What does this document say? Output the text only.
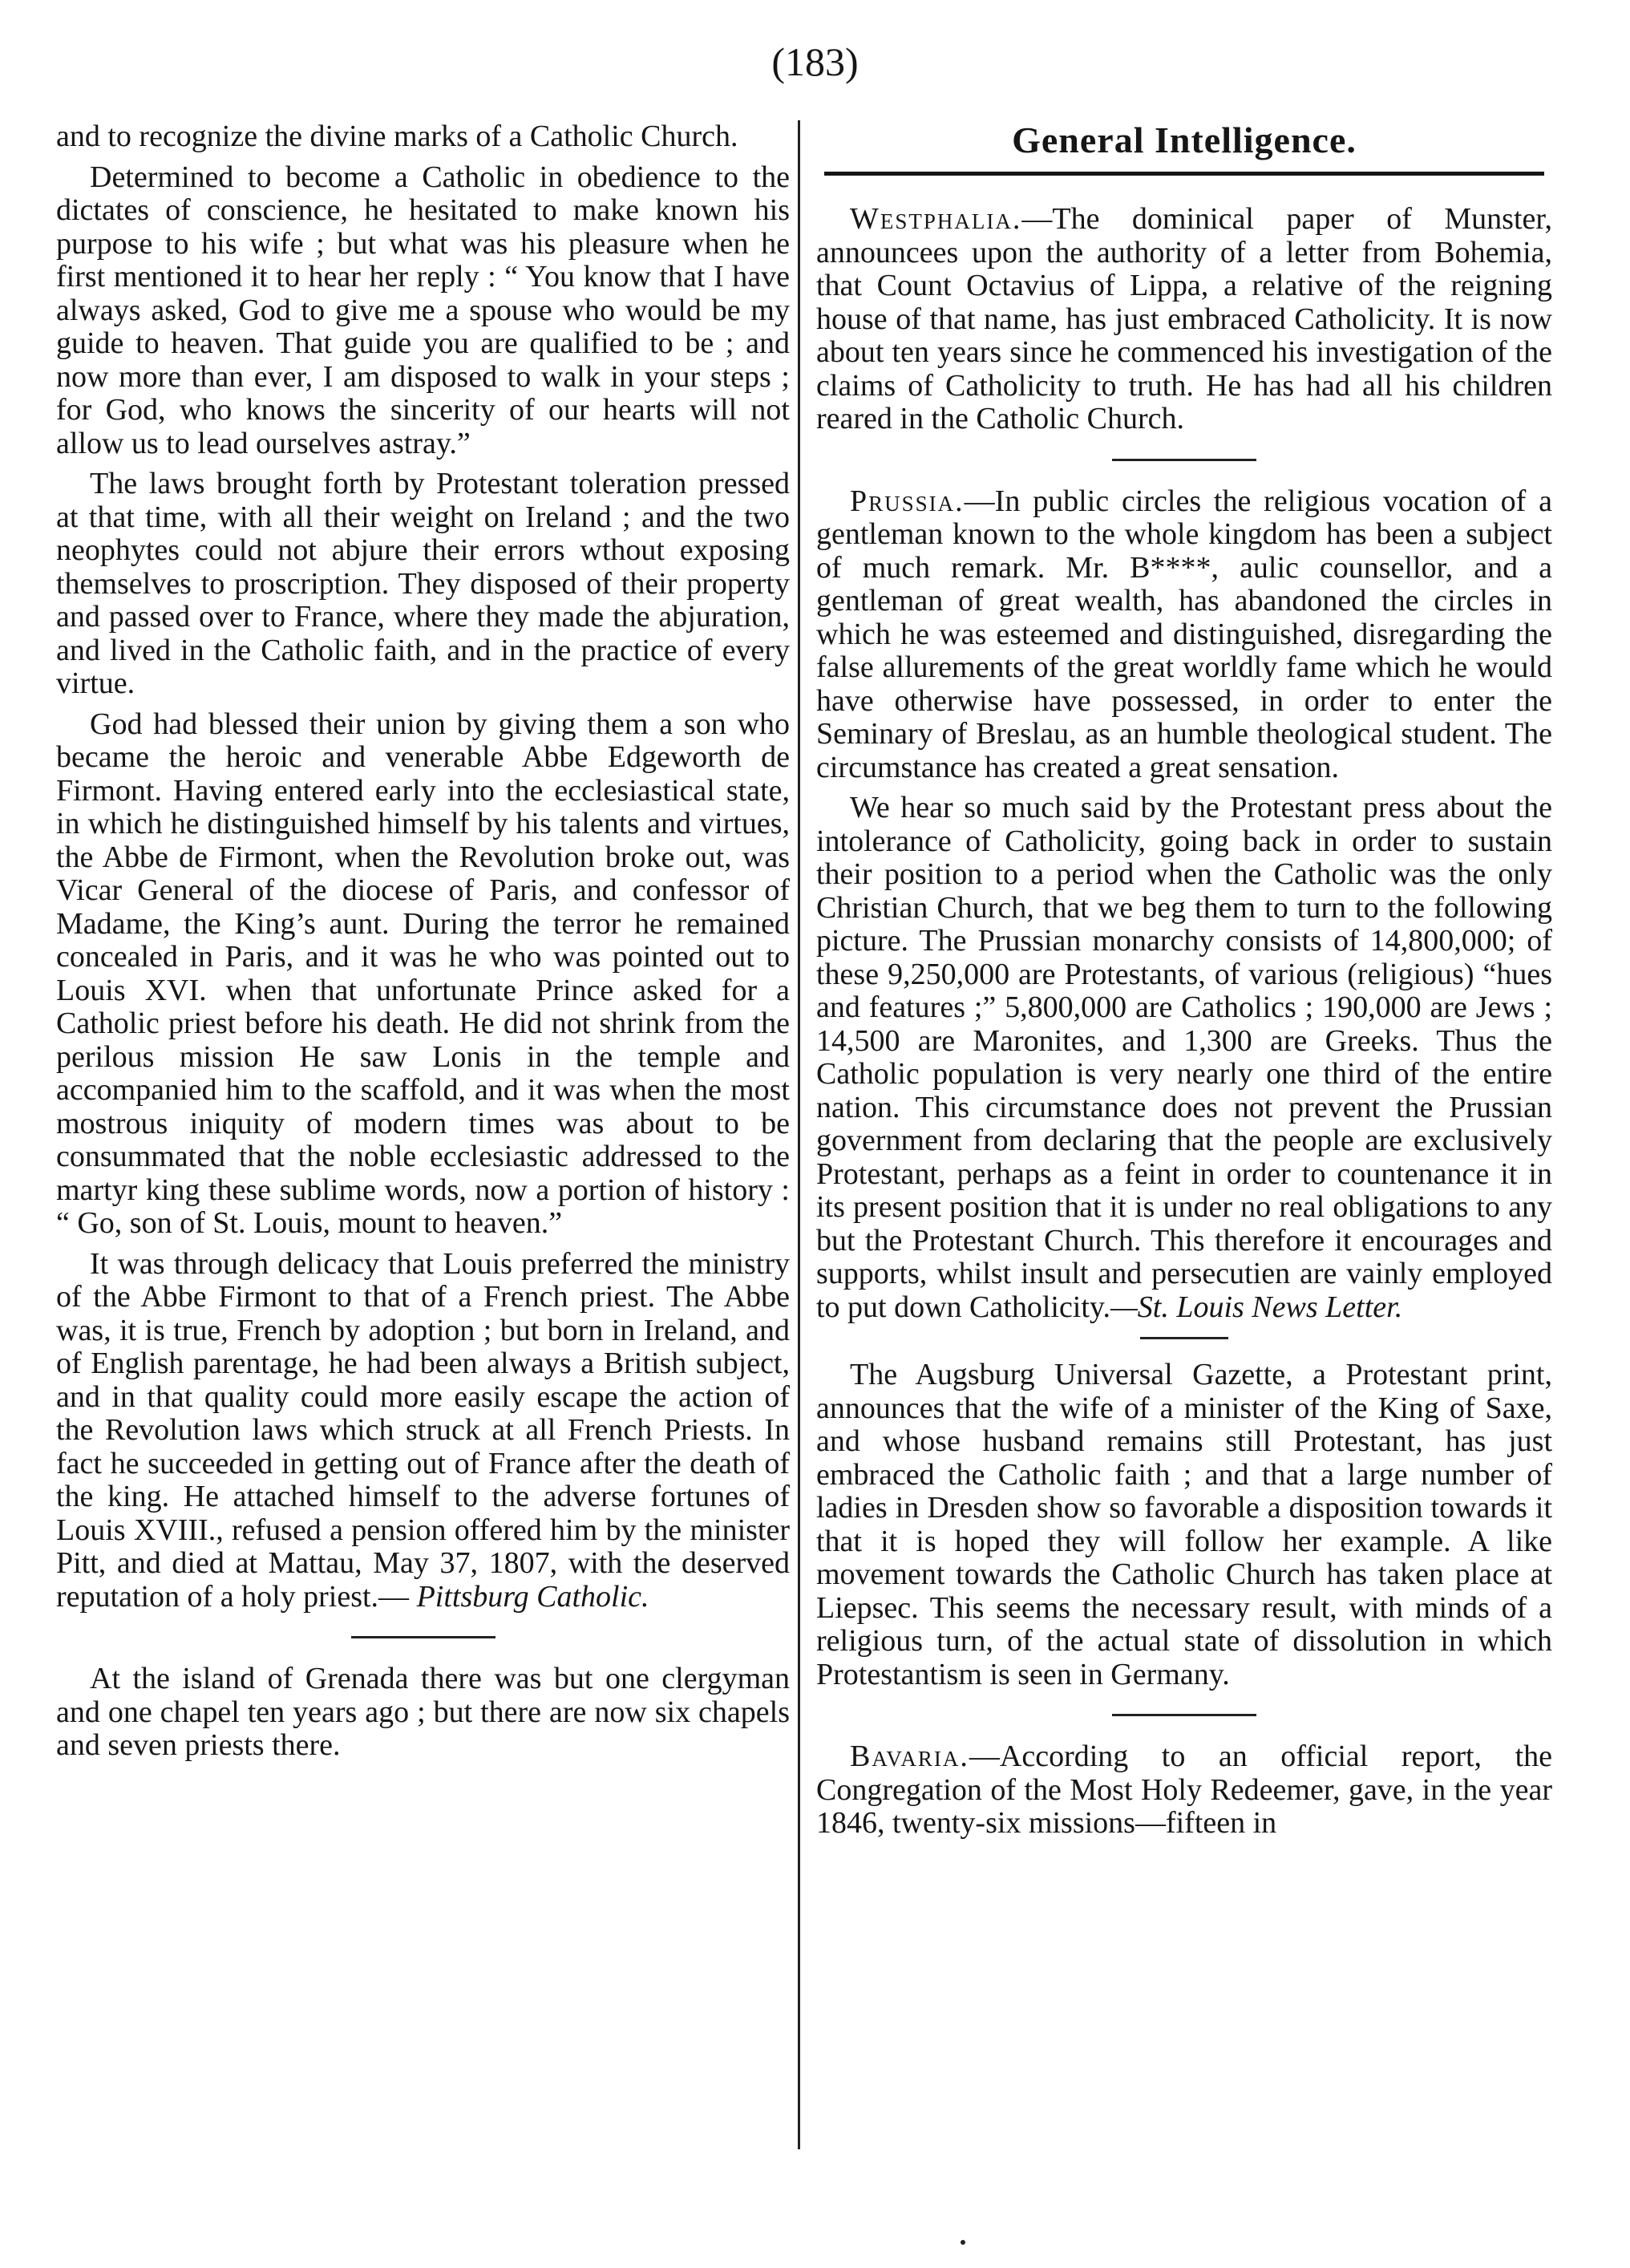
(183)

and to recognize the divine marks of a Catholic Church.

Determined to become a Catholic in obedience to the dictates of conscience, he hesitated to make known his purpose to his wife ; but what was his pleasure when he first mentioned it to hear her reply : “ You know that I have always asked, God to give me a spouse who would be my guide to heaven. That guide you are qualified to be ; and now more than ever, I am disposed to walk in your steps ; for God, who knows the sincerity of our hearts will not allow us to lead ourselves astray.”

The laws brought forth by Protestant toleration pressed at that time, with all their weight on Ireland ; and the two neophytes could not abjure their errors wthout exposing themselves to proscription. They disposed of their property and passed over to France, where they made the abjuration, and lived in the Catholic faith, and in the practice of every virtue.

God had blessed their union by giving them a son who became the heroic and venerable Abbe Edgeworth de Firmont. Having entered early into the ecclesiastical state, in which he distinguished himself by his talents and virtues, the Abbe de Firmont, when the Revolution broke out, was Vicar General of the diocese of Paris, and confessor of Madame, the King’s aunt. During the terror he remained concealed in Paris, and it was he who was pointed out to Louis XVI. when that unfortunate Prince asked for a Catholic priest before his death. He did not shrink from the perilous mission He saw Lonis in the temple and accompanied him to the scaffold, and it was when the most mostrous iniquity of modern times was about to be consummated that the noble ecclesiastic addressed to the martyr king these sublime words, now a portion of history : “ Go, son of St. Louis, mount to heaven.”

It was through delicacy that Louis preferred the ministry of the Abbe Firmont to that of a French priest. The Abbe was, it is true, French by adoption ; but born in Ireland, and of English parentage, he had been always a British subject, and in that quality could more easily escape the action of the Revolution laws which struck at all French Priests. In fact he succeeded in getting out of France after the death of the king. He attached himself to the adverse fortunes of Louis XVIII., refused a pension offered him by the minister Pitt, and died at Mattau, May 37, 1807, with the deserved reputation of a holy priest.— Pittsburg Catholic.

At the island of Grenada there was but one clergyman and one chapel ten years ago ; but there are now six chapels and seven priests there.

General Intelligence.

Westphalia.—The dominical paper of Munster, announcees upon the authority of a letter from Bohemia, that Count Octavius of Lippa, a relative of the reigning house of that name, has just embraced Catholicity. It is now about ten years since he commenced his investigation of the claims of Catholicity to truth. He has had all his children reared in the Catholic Church.

Prussia.—In public circles the religious vocation of a gentleman known to the whole kingdom has been a subject of much remark. Mr. B****, aulic counsellor, and a gentleman of great wealth, has abandoned the circles in which he was esteemed and distinguished, disregarding the false allurements of the great worldly fame which he would have otherwise have possessed, in order to enter the Seminary of Breslau, as an humble theological student. The circumstance has created a great sensation.

We hear so much said by the Protestant press about the intolerance of Catholicity, going back in order to sustain their position to a period when the Catholic was the only Christian Church, that we beg them to turn to the following picture. The Prussian monarchy consists of 14,800,000; of these 9,250,000 are Protestants, of various (religious) “hues and features ;” 5,800,000 are Catholics ; 190,000 are Jews ; 14,500 are Maronites, and 1,300 are Greeks. Thus the Catholic population is very nearly one third of the entire nation. This circumstance does not prevent the Prussian government from declaring that the people are exclusively Protestant, perhaps as a feint in order to countenance it in its present position that it is under no real obligations to any but the Protestant Church. This therefore it encourages and supports, whilst insult and persecutien are vainly employed to put down Catholicity.—St. Louis News Letter.

The Augsburg Universal Gazette, a Protestant print, announces that the wife of a minister of the King of Saxe, and whose husband remains still Protestant, has just embraced the Catholic faith ; and that a large number of ladies in Dresden show so favorable a disposition towards it that it is hoped they will follow her example. A like movement towards the Catholic Church has taken place at Liepsec. This seems the necessary result, with minds of a religious turn, of the actual state of dissolution in which Protestantism is seen in Germany.

Bavaria.—According to an official report, the Congregation of the Most Holy Redeemer, gave, in the year 1846, twenty-six missions—fifteen in
